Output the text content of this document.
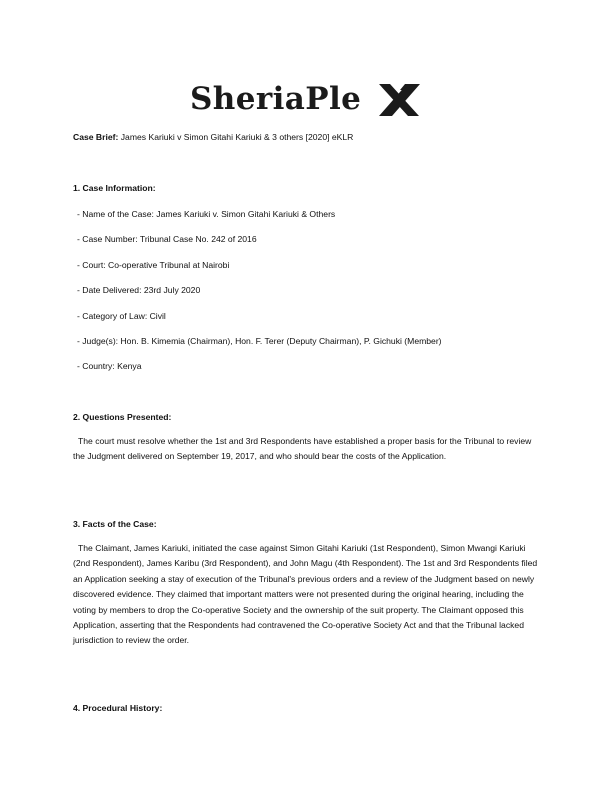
SheriaPle
Case Brief: James Kariuki v Simon Gitahi Kariuki & 3 others [2020] eKLR
1. Case Information:
- Name of the Case: James Kariuki v. Simon Gitahi Kariuki & Others
- Case Number: Tribunal Case No. 242 of 2016
- Court: Co-operative Tribunal at Nairobi
- Date Delivered: 23rd July 2020
- Category of Law: Civil
- Judge(s): Hon. B. Kimemia (Chairman), Hon. F. Terer (Deputy Chairman), P. Gichuki (Member)
- Country: Kenya
2. Questions Presented:
The court must resolve whether the 1st and 3rd Respondents have established a proper basis for the Tribunal to review the Judgment delivered on September 19, 2017, and who should bear the costs of the Application.
3. Facts of the Case:
The Claimant, James Kariuki, initiated the case against Simon Gitahi Kariuki (1st Respondent), Simon Mwangi Kariuki (2nd Respondent), James Karibu (3rd Respondent), and John Magu (4th Respondent). The 1st and 3rd Respondents filed an Application seeking a stay of execution of the Tribunal's previous orders and a review of the Judgment based on newly discovered evidence. They claimed that important matters were not presented during the original hearing, including the voting by members to drop the Co-operative Society and the ownership of the suit property. The Claimant opposed this Application, asserting that the Respondents had contravened the Co-operative Society Act and that the Tribunal lacked jurisdiction to review the order.
4. Procedural History:
